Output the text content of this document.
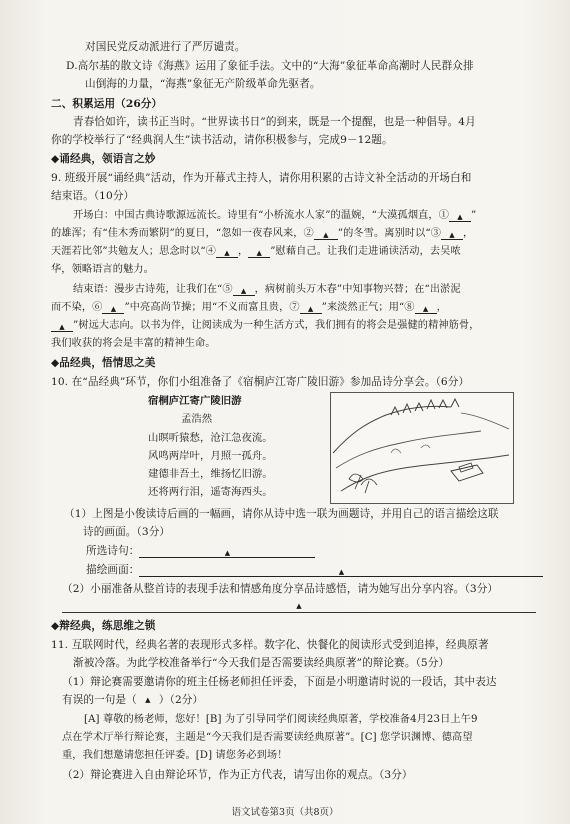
对国民党反动派进行了严厉谴责。
D.高尔基的散文诗《海燕》运用了象征手法。文中的“大海”象征革命高潮时人民群众排
山倒海的力量，“海燕”象征无产阶级革命先驱者。
二、积累运用（26分）
青春恰如许，读书正当时。“世界读书日”的到来，既是一个提醒，也是一种倡导。4月
你的学校举行了“经典润人生”读书活动，请你积极参与，完成9－12题。
◆诵经典，领语言之妙
9. 班级开展“诵经典”活动，作为开幕式主持人，请你用积累的古诗文补全活动的开场白和
结束语。（10分）
开场白：中国古典诗歌源远流长。诗里有“小桥流水人家”的温婉，“大漠孤烟直，① ▲ ”
的雄浑；有“佳木秀而繁阴”的夏日，“忽如一夜春风来，② ▲ ”的冬雪。离别时以“③ ▲ ，
天涯若比邻”共勉友人；思念时以“④ ▲ ， ▲ ”慰藉自己。让我们走进诵读活动，去吴哝
华，领略语言的魅力。
结束语：漫步古诗苑，让我们在“⑤ ▲ ，病树前头万木春”中知事物兴替；在“出淤泥
而不染，⑥ ▲ ”中亮高尚节操；用“不义而富且贵，⑦ ▲ ”来淡然正气；用“⑧ ▲ ，
▲ ”树远大志向。以书为伴，让阅读成为一种生活方式，我们拥有的将会是强健的精神筋骨，
我们收获的将会是丰富的精神生命。
◆品经典，悟情思之美
10. 在“品经典”环节，你们小组准备了《宿桐庐江寄广陵旧游》参加品诗分享会。（6分）
宿桐庐江寄广陵旧游
孟浩然
山暝听猿愁，沧江急夜流。
风鸣两岸叶，月照一孤舟。
建德非吾土，维扬忆旧游。
还将两行泪，遥寄海西头。
（1）上图是小俊读诗后画的一幅画，请你从诗中选一联为画题诗，并用自己的语言描绘这联
诗的画面。（3分）
所选诗句：	▲
描绘画面：	▲
（2）小丽准备从整首诗的表现手法和情感角度分享品诗感悟，请为她写出分享内容。（3分）
▲
◆辩经典，练思维之锁
11. 互联网时代，经典名著的表现形式多样。数字化、快餐化的阅读形式受到追捧，经典原著
渐被冷落。为此学校准备举行“今天我们是否需要读经典原著”的辩论赛。（5分）
（1）辩论赛需要邀请你的班主任杨老师担任评委，下面是小明邀请时说的一段话，其中表达
有误的一句是（ ▲ ）（2分）
[A] 尊敬的杨老师，您好！[B] 为了引导同学们阅读经典原著，学校准备4月23日上午9
点在学术厅举行辩论赛，主题是“今天我们是否需要读经典原著”。[C] 您学识渊博、德高望
重，我们想邀请您担任评委。[D] 请您务必到场！
（2）辩论赛进入自由辩论环节，作为正方代表，请写出你的观点。（3分）
语文试卷第3页（共8页）
